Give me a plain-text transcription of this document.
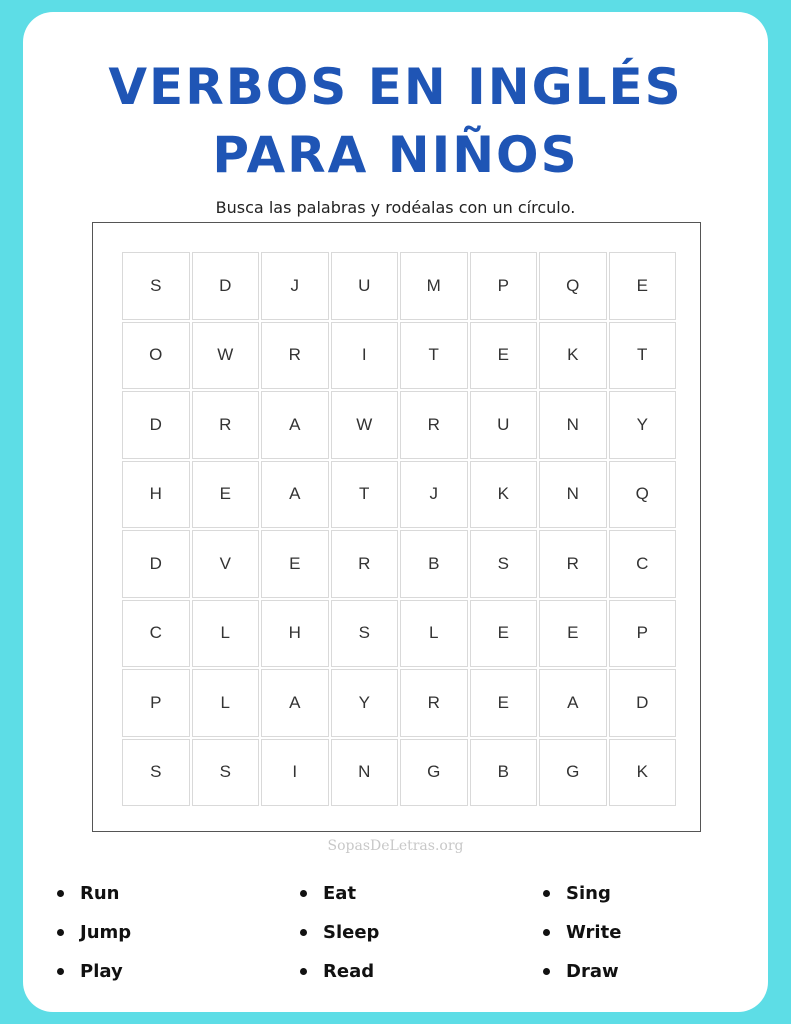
VERBOS EN INGLÉS
PARA NIÑOS
Busca las palabras y rodéalas con un círculo.
S	D	J	U	M	P	Q	E
O	W	R	I	T	E	K	T
D	R	A	W	R	U	N	Y
H	E	A	T	J	K	N	Q
D	V	E	R	B	S	R	C
C	L	H	S	L	E	E	P
P	L	A	Y	R	E	A	D
S	S	I	N	G	B	G	K
SopasDeLetras.org
Run	Eat	Sing
Jump	Sleep	Write
Play	Read	Draw
